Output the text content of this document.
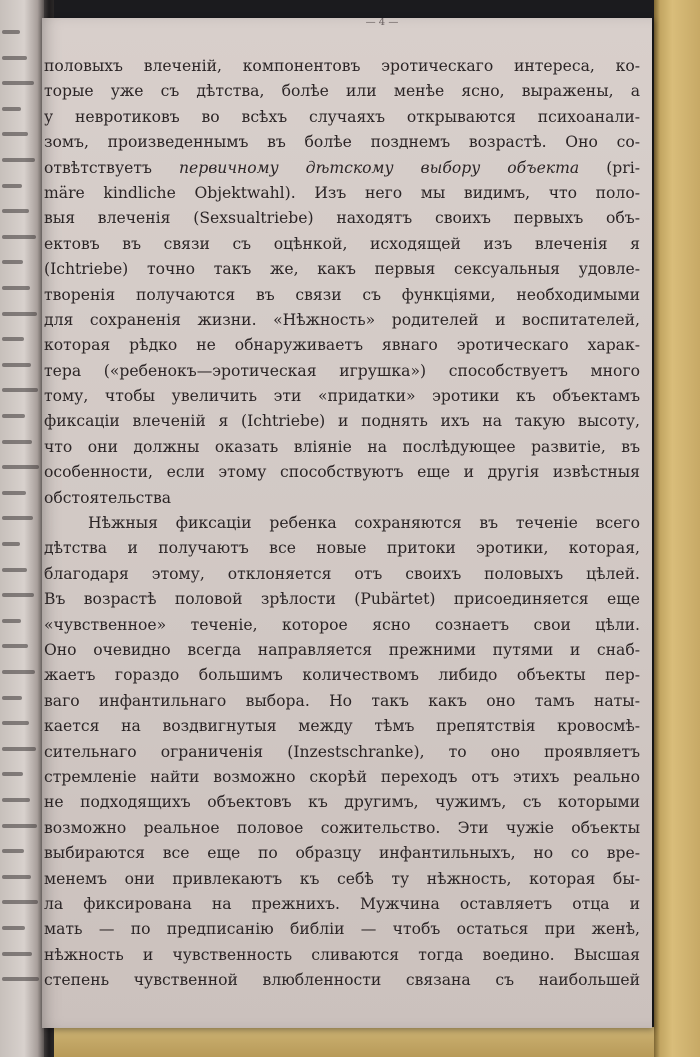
— 4 —
половыхъ влеченій, компонентовъ эротическаго интереса, ко-
торые уже съ дѣтства, болѣе или менѣе ясно, выражены, а
у невротиковъ во всѣхъ случаяхъ открываются психоанали-
зомъ, произведеннымъ въ болѣе позднемъ возрастѣ. Оно со-
отвѣтствуетъ первичному дѣтскому выбору объекта (pri-
märe kindliche Objektwahl). Изъ него мы видимъ, что поло-
выя влеченія (Sexsualtriebe) находятъ своихъ первыхъ объ-
ектовъ въ связи съ оцѣнкой, исходящей изъ влеченія я
(Ichtriebe) точно такъ же, какъ первыя сексуальныя удовле-
творенія получаются въ связи съ функціями, необходимыми
для сохраненія жизни. «Нѣжность» родителей и воспитателей,
которая рѣдко не обнаруживаетъ явнаго эротическаго харак-
тера («ребенокъ—эротическая игрушка») способствуетъ много
тому, чтобы увеличить эти «придатки» эротики къ объектамъ
фиксаціи влеченій я (Ichtriebe) и поднять ихъ на такую высоту,
что они должны оказать вліяніе на послѣдующее развитіе, въ
особенности, если этому способствуютъ еще и другія извѣстныя
обстоятельства
Нѣжныя фиксаціи ребенка сохраняются въ теченіе всего
дѣтства и получаютъ все новые притоки эротики, которая,
благодаря этому, отклоняется отъ своихъ половыхъ цѣлей.
Въ возрастѣ половой зрѣлости (Pubärtet) присоединяется еще
«чувственное» теченіе, которое ясно сознаетъ свои цѣли.
Оно очевидно всегда направляется прежними путями и снаб-
жаетъ гораздо большимъ количествомъ либидо объекты пер-
ваго инфантильнаго выбора. Но такъ какъ оно тамъ наты-
кается на воздвигнутыя между тѣмъ препятствія кровосмѣ-
сительнаго ограниченія (Inzestschranke), то оно проявляетъ
стремленіе найти возможно скорѣй переходъ отъ этихъ реально
не подходящихъ объектовъ къ другимъ, чужимъ, съ которыми
возможно реальное половое сожительство. Эти чужіе объекты
выбираются все еще по образцу инфантильныхъ, но со вре-
менемъ они привлекаютъ къ себѣ ту нѣжность, которая бы-
ла фиксирована на прежнихъ. Мужчина оставляетъ отца и
мать — по предписанію библіи — чтобъ остаться при женѣ,
нѣжность и чувственность сливаются тогда воедино. Высшая
степень чувственной влюбленности связана съ наибольшей
